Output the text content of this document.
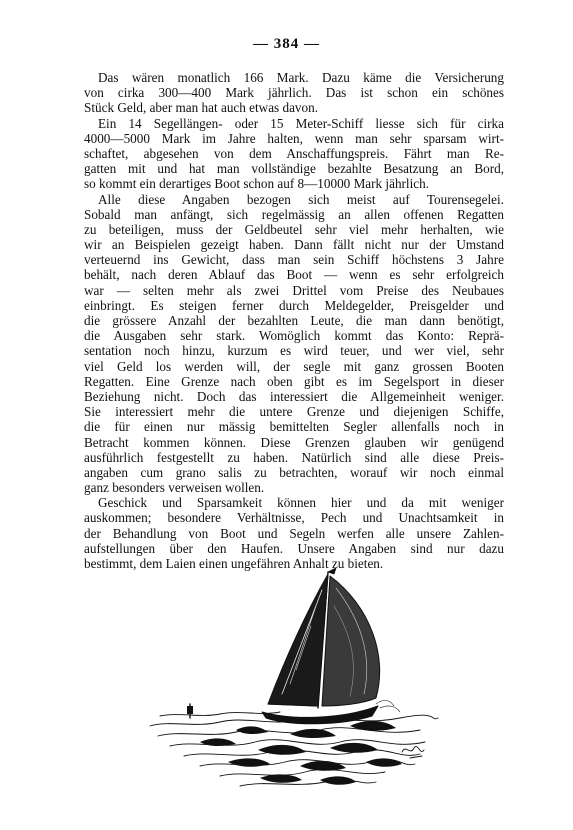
— 384 —
Das wären monatlich 166 Mark. Dazu käme die Versicherung
von cirka 300—400 Mark jährlich. Das ist schon ein schönes
Stück Geld, aber man hat auch etwas davon.
Ein 14 Segellängen- oder 15 Meter-Schiff liesse sich für cirka
4000—5000 Mark im Jahre halten, wenn man sehr sparsam wirt-
schaftet, abgesehen von dem Anschaffungspreis. Fährt man Re-
gatten mit und hat man vollständige bezahlte Besatzung an Bord,
so kommt ein derartiges Boot schon auf 8—10000 Mark jährlich.
Alle diese Angaben bezogen sich meist auf Tourensegelei.
Sobald man anfängt, sich regelmässig an allen offenen Regatten
zu beteiligen, muss der Geldbeutel sehr viel mehr herhalten, wie
wir an Beispielen gezeigt haben. Dann fällt nicht nur der Umstand
verteuernd ins Gewicht, dass man sein Schiff höchstens 3 Jahre
behält, nach deren Ablauf das Boot — wenn es sehr erfolgreich
war — selten mehr als zwei Drittel vom Preise des Neubaues
einbringt. Es steigen ferner durch Meldegelder, Preisgelder und
die grössere Anzahl der bezahlten Leute, die man dann benötigt,
die Ausgaben sehr stark. Womöglich kommt das Konto: Reprä-
sentation noch hinzu, kurzum es wird teuer, und wer viel, sehr
viel Geld los werden will, der segle mit ganz grossen Booten
Regatten. Eine Grenze nach oben gibt es im Segelsport in dieser
Beziehung nicht. Doch das interessiert die Allgemeinheit weniger.
Sie interessiert mehr die untere Grenze und diejenigen Schiffe,
die für einen nur mässig bemittelten Segler allenfalls noch in
Betracht kommen können. Diese Grenzen glauben wir genügend
ausführlich festgestellt zu haben. Natürlich sind alle diese Preis-
angaben cum grano salis zu betrachten, worauf wir noch einmal
ganz besonders verweisen wollen.
Geschick und Sparsamkeit können hier und da mit weniger
auskommen; besondere Verhältnisse, Pech und Unachtsamkeit in
der Behandlung von Boot und Segeln werfen alle unsere Zahlen-
aufstellungen über den Haufen. Unsere Angaben sind nur dazu
bestimmt, dem Laien einen ungefähren Anhalt zu bieten.
